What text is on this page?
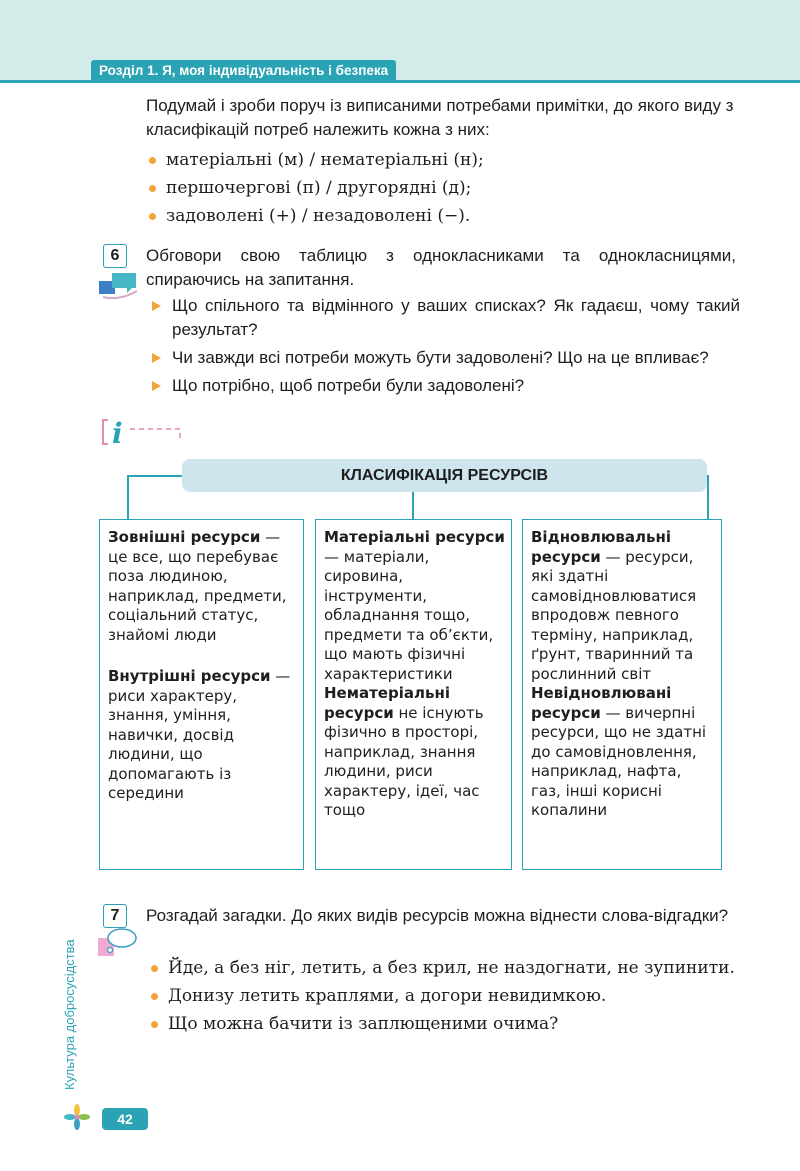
Розділ 1. Я, моя індивідуальність і безпека
Подумай і зроби поруч із виписаними потребами примітки, до якого виду з класифікацій потреб належить кожна з них:
матеріальні (м) / нематеріальні (н);
першочергові (п) / другорядні (д);
задоволені (+) / незадоволені (−).
6	Обговори свою таблицю з однокласниками та однокласницями, спираючись на запитання.
Що спільного та відмінного у ваших списках? Як гадаєш, чому такий результат?
Чи завжди всі потреби можуть бути задоволені? Що на це впливає?
Що потрібно, щоб потреби були задоволені?
i
КЛАСИФІКАЦІЯ РЕСУРСІВ

Зовнішні ресурси — це все, що перебуває поза людиною, наприклад, предмети, соціальний статус, знайомі люди

Внутрішні ресурси — риси характеру, знання, уміння, навички, досвід людини, що допомагають із середини

Матеріальні ресурси — матеріали, сировина, інструменти, обладнання тощо, предмети та об’єкти, що мають фізичні характеристики

Нематеріальні ресурси не існують фізично в просторі, наприклад, знання людини, риси характеру, ідеї, час тощо

Відновлювальні ресурси — ресурси, які здатні самовідновлюватися впродовж певного терміну, наприклад, ґрунт, тваринний та рослинний світ

Невідновлювані ресурси — вичерпні ресурси, що не здатні до самовідновлення, наприклад, нафта, газ, інші корисні копалини

7	Розгадай загадки. До яких видів ресурсів можна віднести слова-відгадки?
Йде, а без ніг, летить, а без крил, не наздогнати, не зупинити.
Донизу летить краплями, а догори невидимкою.
Що можна бачити із заплющеними очима?
Культура добросусідства
42
